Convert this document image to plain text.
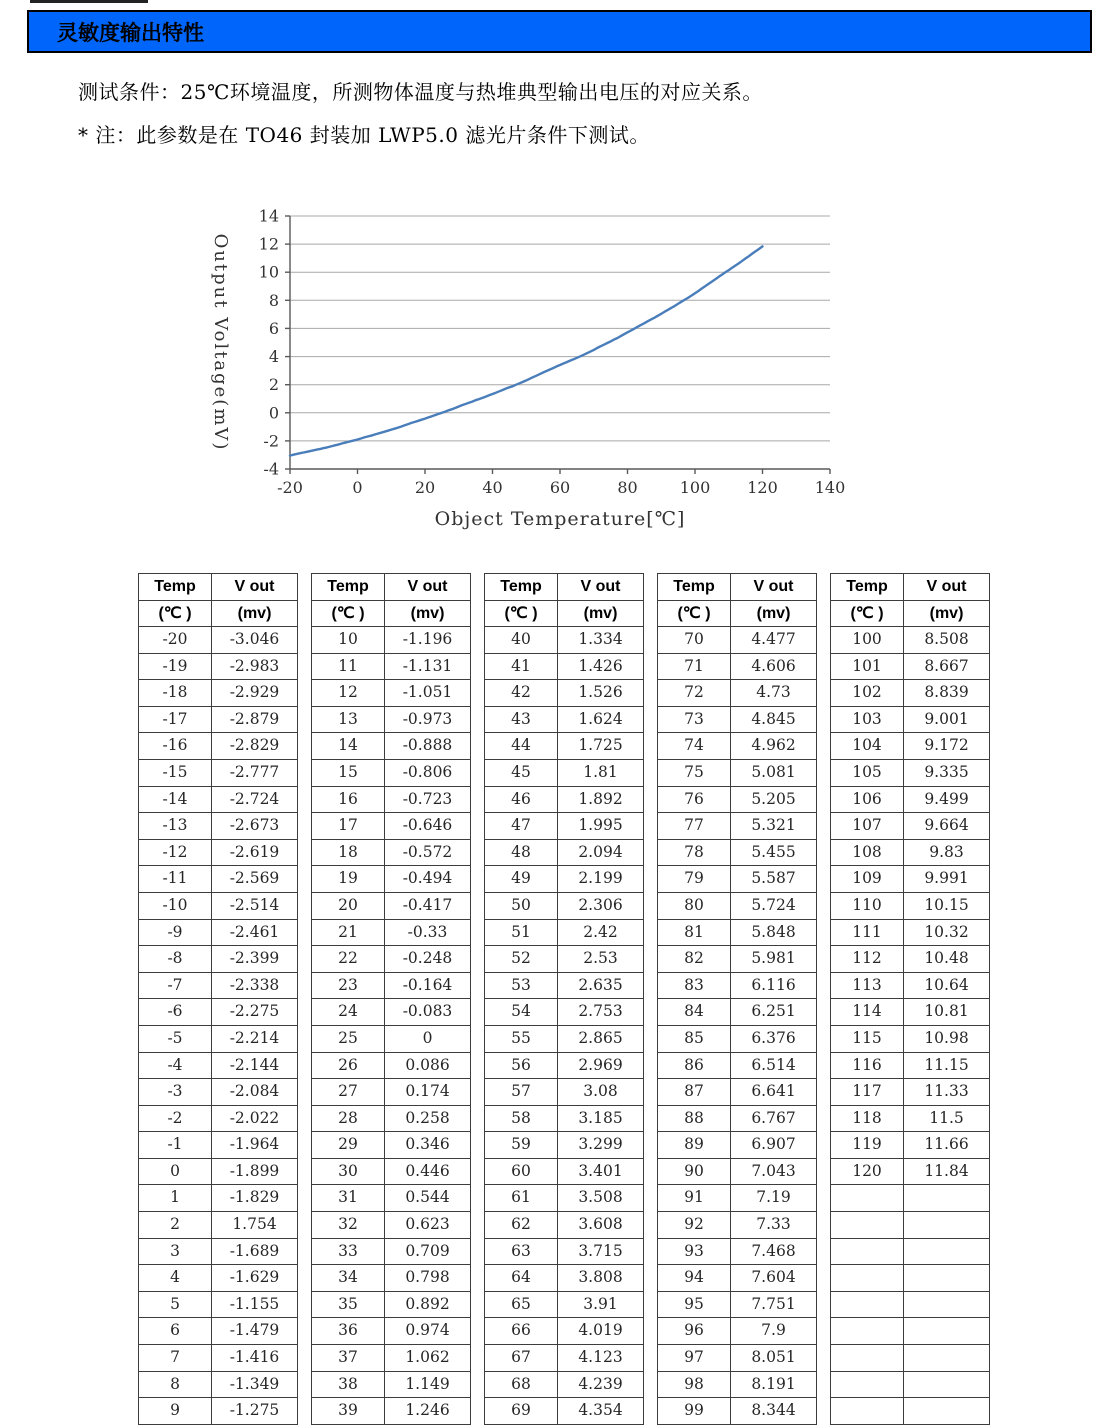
灵敏度输出特性
测试条件：25℃环境温度，所测物体温度与热堆典型输出电压的对应关系。
* 注：此参数是在 TO46 封装加 LWP5.0 滤光片条件下测试。
-4
-2
0
2
4
6
8
10
12
14
-20	0	20	40	60	80	100 120 140
Output Voltage(mV)
Object Temperature[℃]
Temp	V out
(℃ )	(mv)
-20	-3.046
-19	-2.983
-18	-2.929
-17	-2.879
-16	-2.829
-15	-2.777
-14	-2.724
-13	-2.673
-12	-2.619
-11	-2.569
-10	-2.514
-9	-2.461
-8	-2.399
-7	-2.338
-6	-2.275
-5	-2.214
-4	-2.144
-3	-2.084
-2	-2.022
-1	-1.964
0	-1.899
1	-1.829
2	1.754
3	-1.689
4	-1.629
5	-1.155
6	-1.479
7	-1.416
8	-1.349
9	-1.275
Temp	V out
(℃ )	(mv)
10	-1.196
11	-1.131
12	-1.051
13	-0.973
14	-0.888
15	-0.806
16	-0.723
17	-0.646
18	-0.572
19	-0.494
20	-0.417
21	-0.33
22	-0.248
23	-0.164
24	-0.083
25	0
26	0.086
27	0.174
28	0.258
29	0.346
30	0.446
31	0.544
32	0.623
33	0.709
34	0.798
35	0.892
36	0.974
37	1.062
38	1.149
39	1.246
Temp	V out
(℃ )	(mv)
40	1.334
41	1.426
42	1.526
43	1.624
44	1.725
45	1.81
46	1.892
47	1.995
48	2.094
49	2.199
50	2.306
51	2.42
52	2.53
53	2.635
54	2.753
55	2.865
56	2.969
57	3.08
58	3.185
59	3.299
60	3.401
61	3.508
62	3.608
63	3.715
64	3.808
65	3.91
66	4.019
67	4.123
68	4.239
69	4.354
Temp	V out
(℃ )	(mv)
70	4.477
71	4.606
72	4.73
73	4.845
74	4.962
75	5.081
76	5.205
77	5.321
78	5.455
79	5.587
80	5.724
81	5.848
82	5.981
83	6.116
84	6.251
85	6.376
86	6.514
87	6.641
88	6.767
89	6.907
90	7.043
91	7.19
92	7.33
93	7.468
94	7.604
95	7.751
96	7.9
97	8.051
98	8.191
99	8.344
Temp	V out
(℃ )	(mv)
100	8.508
101	8.667
102	8.839
103	9.001
104	9.172
105	9.335
106	9.499
107	9.664
108	9.83
109	9.991
110	10.15
111	10.32
112	10.48
113	10.64
114	10.81
115	10.98
116	11.15
117	11.33
118	11.5
119	11.66
120	11.84
